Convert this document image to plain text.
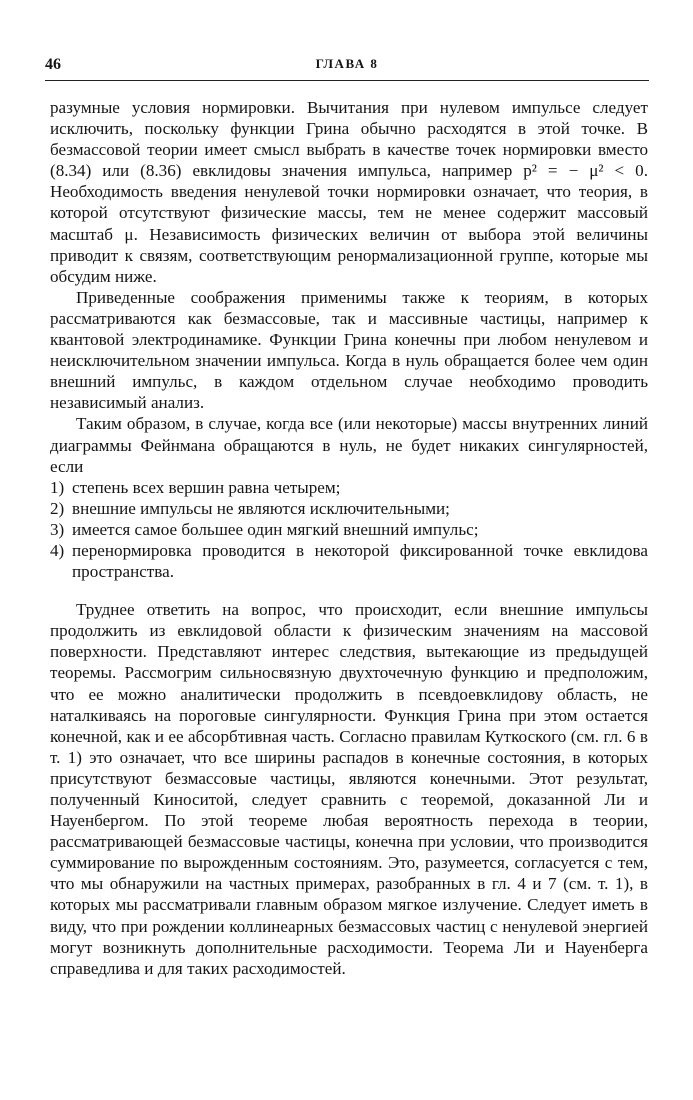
46	ГЛАВА 8

разумные условия нормировки. Вычитания при нулевом импульсе следует исключить, поскольку функции Грина обычно расходятся в этой точке. В безмассовой теории имеет смысл выбрать в качестве точек нормировки вместо (8.34) или (8.36) евклидовы значения импульса, например p² = − μ² < 0. Необходимость введения ненулевой точки нормировки означает, что теория, в которой отсутствуют физические массы, тем не менее содержит массовый масштаб μ. Независимость физических величин от выбора этой величины приводит к связям, соответствующим ренормализационной группе, которые мы обсудим ниже.

Приведенные соображения применимы также к теориям, в которых рассматриваются как безмассовые, так и массивные частицы, например к квантовой электродинамике. Функции Грина конечны при любом ненулевом и неисключительном значении импульса. Когда в нуль обращается более чем один внешний импульс, в каждом отдельном случае необходимо проводить независимый анализ.

Таким образом, в случае, когда все (или некоторые) массы внутренних линий диаграммы Фейнмана обращаются в нуль, не будет никаких сингулярностей, если

1) степень всех вершин равна четырем;
2) внешние импульсы не являются исключительными;
3) имеется самое большее один мягкий внешний импульс;
4) перенормировка проводится в некоторой фиксированной точке евклидова пространства.

Труднее ответить на вопрос, что происходит, если внешние импульсы продолжить из евклидовой области к физическим значениям на массовой поверхности. Представляют интерес следствия, вытекающие из предыдущей теоремы. Рассмогрим сильносвязную двухточечную функцию и предположим, что ее можно аналитически продолжить в псевдоевклидову область, не наталкиваясь на пороговые сингулярности. Функция Грина при этом остается конечной, как и ее абсорбтивная часть. Согласно правилам Куткоского (см. гл. 6 в т. 1) это означает, что все ширины распадов в конечные состояния, в которых присутствуют безмассовые частицы, являются конечными. Этот результат, полученный Киноситой, следует сравнить с теоремой, доказанной Ли и Науенбергом. По этой теореме любая вероятность перехода в теории, рассматривающей безмассовые частицы, конечна при условии, что производится суммирование по вырожденным состояниям. Это, разумеется, согласуется с тем, что мы обнаружили на частных примерах, разобранных в гл. 4 и 7 (см. т. 1), в которых мы рассматривали главным образом мягкое излучение. Следует иметь в виду, что при рождении коллинеарных безмассовых частиц с ненулевой энергией могут возникнуть дополнительные расходимости. Теорема Ли и Науенберга справедлива и для таких расходимостей.
